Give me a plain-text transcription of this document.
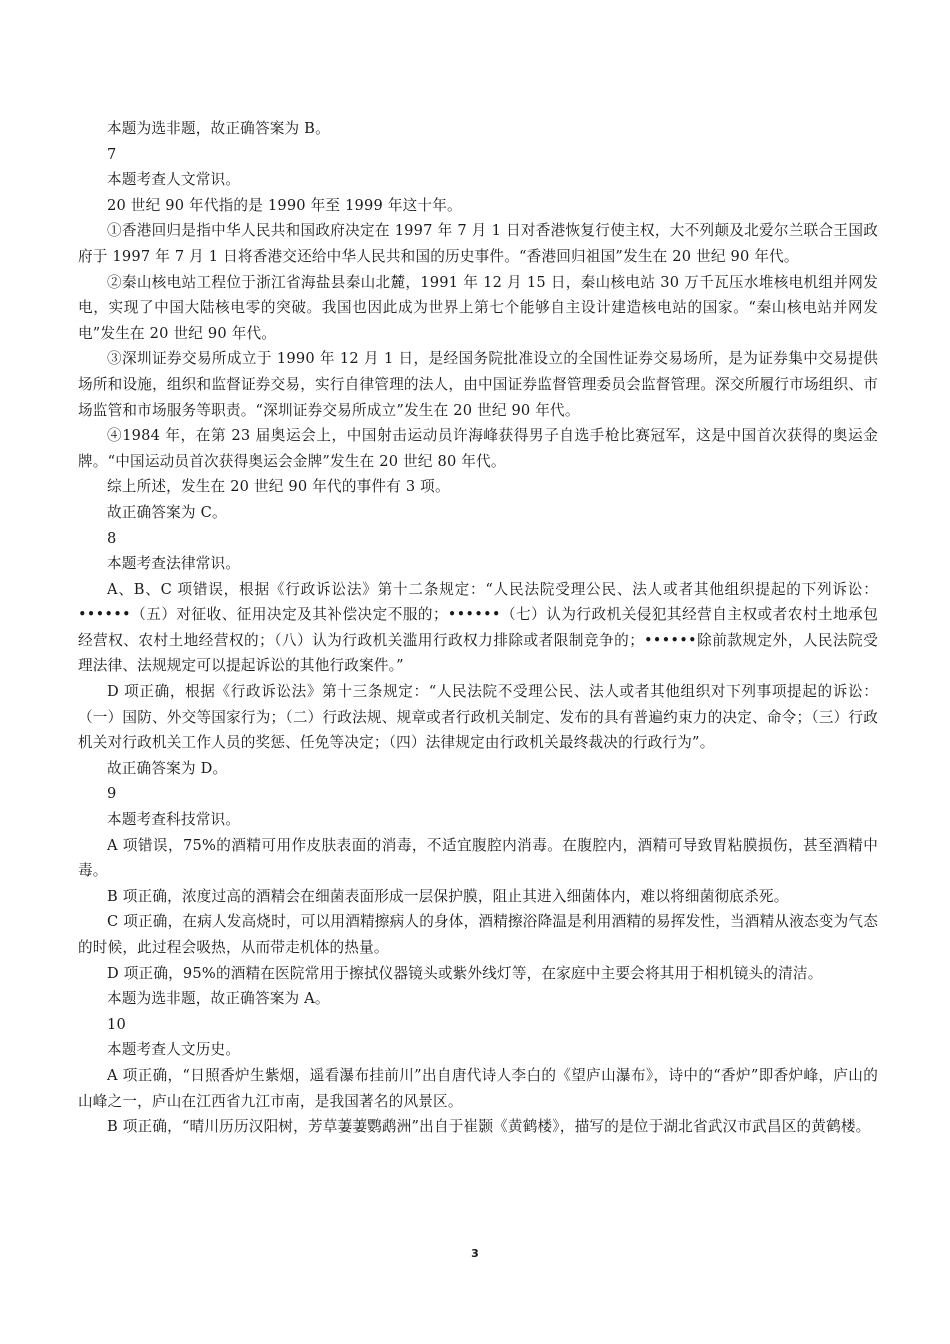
本题为选非题，故正确答案为 B。

7

本题考查人文常识。

20 世纪 90 年代指的是 1990 年至 1999 年这十年。

①香港回归是指中华人民共和国政府决定在 1997 年 7 月 1 日对香港恢复行使主权，大不列颠及北爱尔兰联合王国政府于 1997 年 7 月 1 日将香港交还给中华人民共和国的历史事件。“香港回归祖国”发生在 20 世纪 90 年代。

②秦山核电站工程位于浙江省海盐县秦山北麓，1991 年 12 月 15 日，秦山核电站 30 万千瓦压水堆核电机组并网发电，实现了中国大陆核电零的突破。我国也因此成为世界上第七个能够自主设计建造核电站的国家。“秦山核电站并网发电”发生在 20 世纪 90 年代。

③深圳证券交易所成立于 1990 年 12 月 1 日，是经国务院批准设立的全国性证券交易场所，是为证券集中交易提供场所和设施，组织和监督证券交易，实行自律管理的法人，由中国证券监督管理委员会监督管理。深交所履行市场组织、市场监管和市场服务等职责。“深圳证券交易所成立”发生在 20 世纪 90 年代。

④1984 年，在第 23 届奥运会上，中国射击运动员许海峰获得男子自选手枪比赛冠军，这是中国首次获得的奥运金牌。“中国运动员首次获得奥运会金牌”发生在 20 世纪 80 年代。

综上所述，发生在 20 世纪 90 年代的事件有 3 项。

故正确答案为 C。

8

本题考查法律常识。

A、B、C 项错误，根据《行政诉讼法》第十二条规定：“人民法院受理公民、法人或者其他组织提起的下列诉讼：••••••（五）对征收、征用决定及其补偿决定不服的；••••••（七）认为行政机关侵犯其经营自主权或者农村土地承包经营权、农村土地经营权的；（八）认为行政机关滥用行政权力排除或者限制竞争的；••••••除前款规定外，人民法院受理法律、法规规定可以提起诉讼的其他行政案件。”

D 项正确，根据《行政诉讼法》第十三条规定：“人民法院不受理公民、法人或者其他组织对下列事项提起的诉讼：（一）国防、外交等国家行为；（二）行政法规、规章或者行政机关制定、发布的具有普遍约束力的决定、命令；（三）行政机关对行政机关工作人员的奖惩、任免等决定；（四）法律规定由行政机关最终裁决的行政行为”。

故正确答案为 D。

9

本题考查科技常识。

A 项错误，75%的酒精可用作皮肤表面的消毒，不适宜腹腔内消毒。在腹腔内，酒精可导致胃粘膜损伤，甚至酒精中毒。

B 项正确，浓度过高的酒精会在细菌表面形成一层保护膜，阻止其进入细菌体内，难以将细菌彻底杀死。

C 项正确，在病人发高烧时，可以用酒精擦病人的身体，酒精擦浴降温是利用酒精的易挥发性，当酒精从液态变为气态的时候，此过程会吸热，从而带走机体的热量。

D 项正确，95%的酒精在医院常用于擦拭仪器镜头或紫外线灯等，在家庭中主要会将其用于相机镜头的清洁。

本题为选非题，故正确答案为 A。

10

本题考查人文历史。

A 项正确，“日照香炉生紫烟，遥看瀑布挂前川”出自唐代诗人李白的《望庐山瀑布》，诗中的“香炉”即香炉峰，庐山的山峰之一，庐山在江西省九江市南，是我国著名的风景区。

B 项正确，“晴川历历汉阳树，芳草萋萋鹦鹉洲”出自于崔颢《黄鹤楼》，描写的是位于湖北省武汉市武昌区的黄鹤楼。

3
